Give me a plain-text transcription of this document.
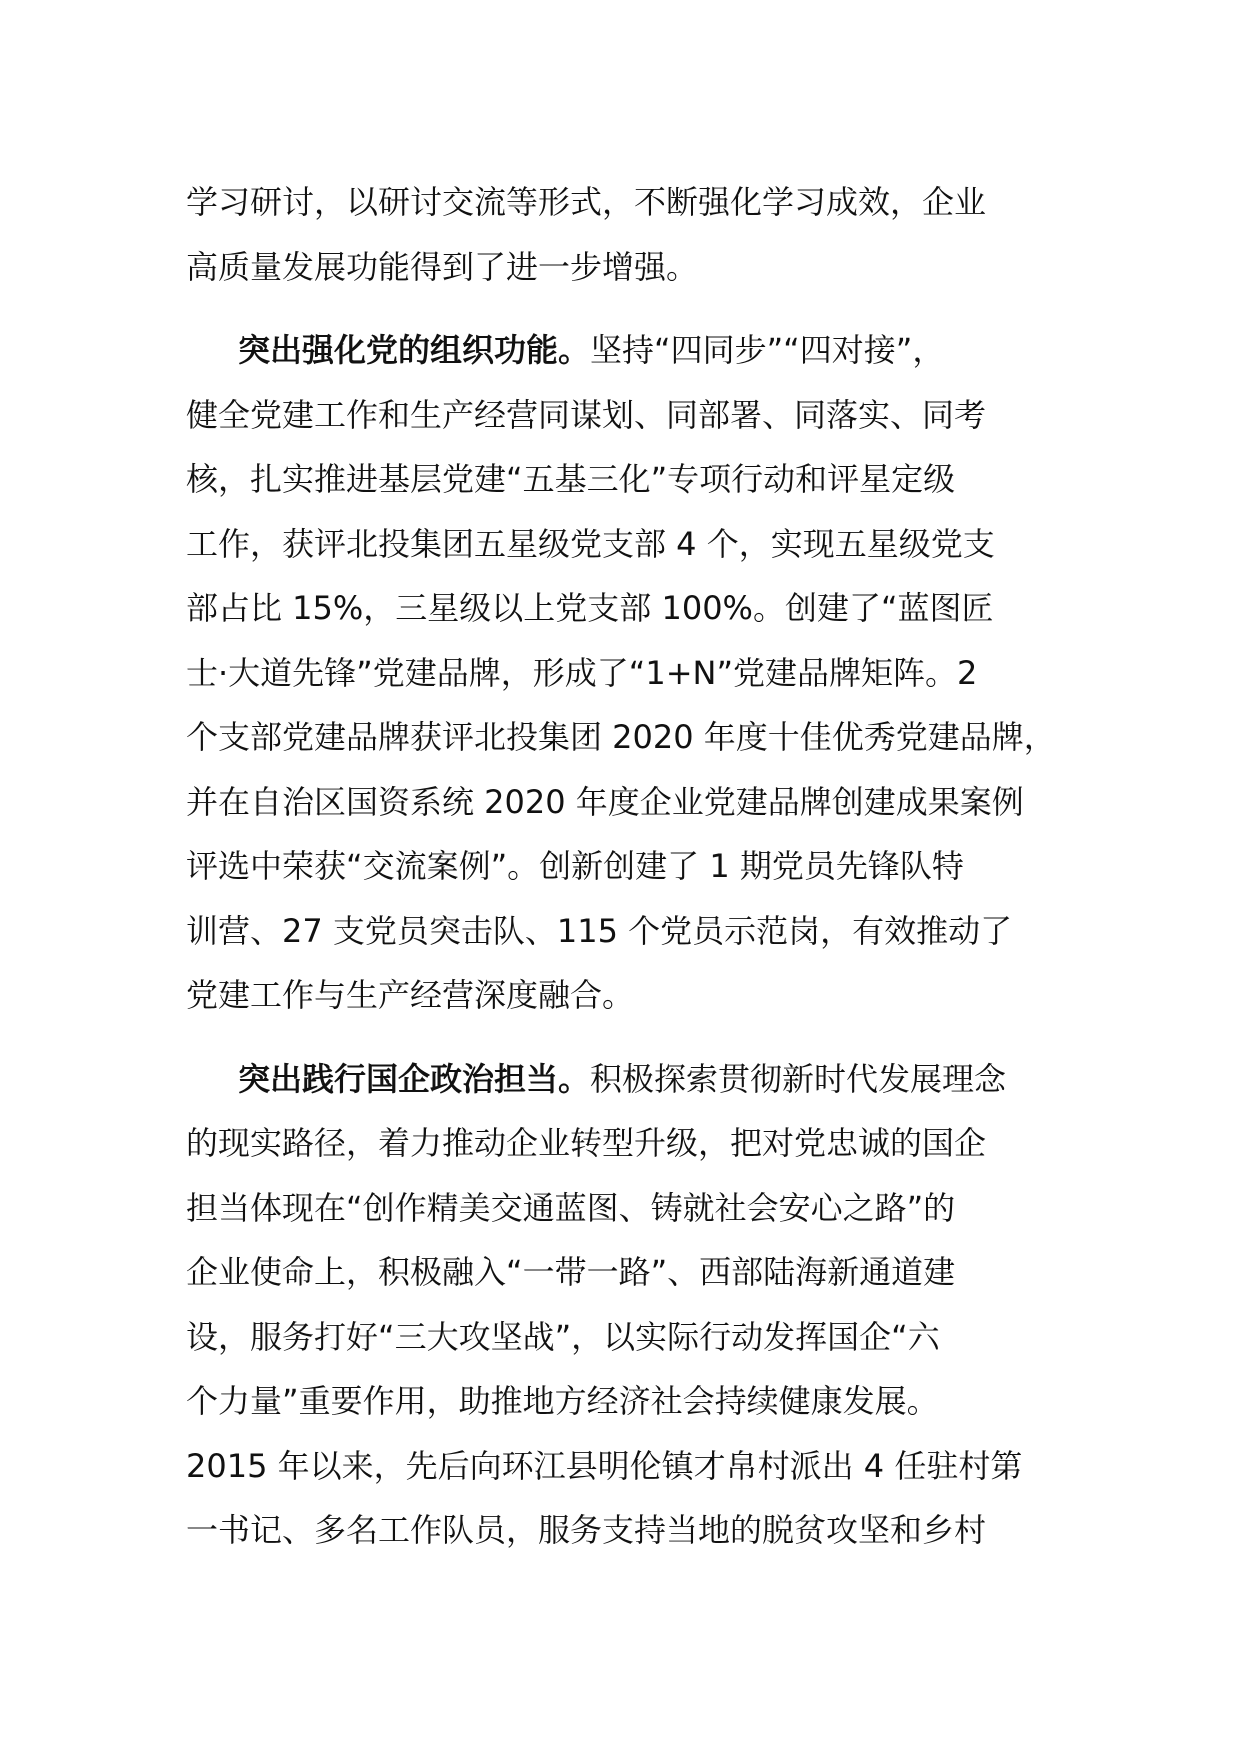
学习研讨，以研讨交流等形式，不断强化学习成效，企业
高质量发展功能得到了进一步增强。
突出强化党的组织功能。坚持“四同步”“四对接”，
健全党建工作和生产经营同谋划、同部署、同落实、同考
核，扎实推进基层党建“五基三化”专项行动和评星定级
工作，获评北投集团五星级党支部 4 个，实现五星级党支
部占比 15%，三星级以上党支部 100%。创建了“蓝图匠
士·大道先锋”党建品牌，形成了“1+N”党建品牌矩阵。2
个支部党建品牌获评北投集团 2020 年度十佳优秀党建品牌，
并在自治区国资系统 2020 年度企业党建品牌创建成果案例
评选中荣获“交流案例”。创新创建了 1 期党员先锋队特
训营、27 支党员突击队、115 个党员示范岗，有效推动了
党建工作与生产经营深度融合。
突出践行国企政治担当。积极探索贯彻新时代发展理念
的现实路径，着力推动企业转型升级，把对党忠诚的国企
担当体现在“创作精美交通蓝图、铸就社会安心之路”的
企业使命上，积极融入“一带一路”、西部陆海新通道建
设，服务打好“三大攻坚战”，以实际行动发挥国企“六
个力量”重要作用，助推地方经济社会持续健康发展。
2015 年以来，先后向环江县明伦镇才帛村派出 4 任驻村第
一书记、多名工作队员，服务支持当地的脱贫攻坚和乡村
